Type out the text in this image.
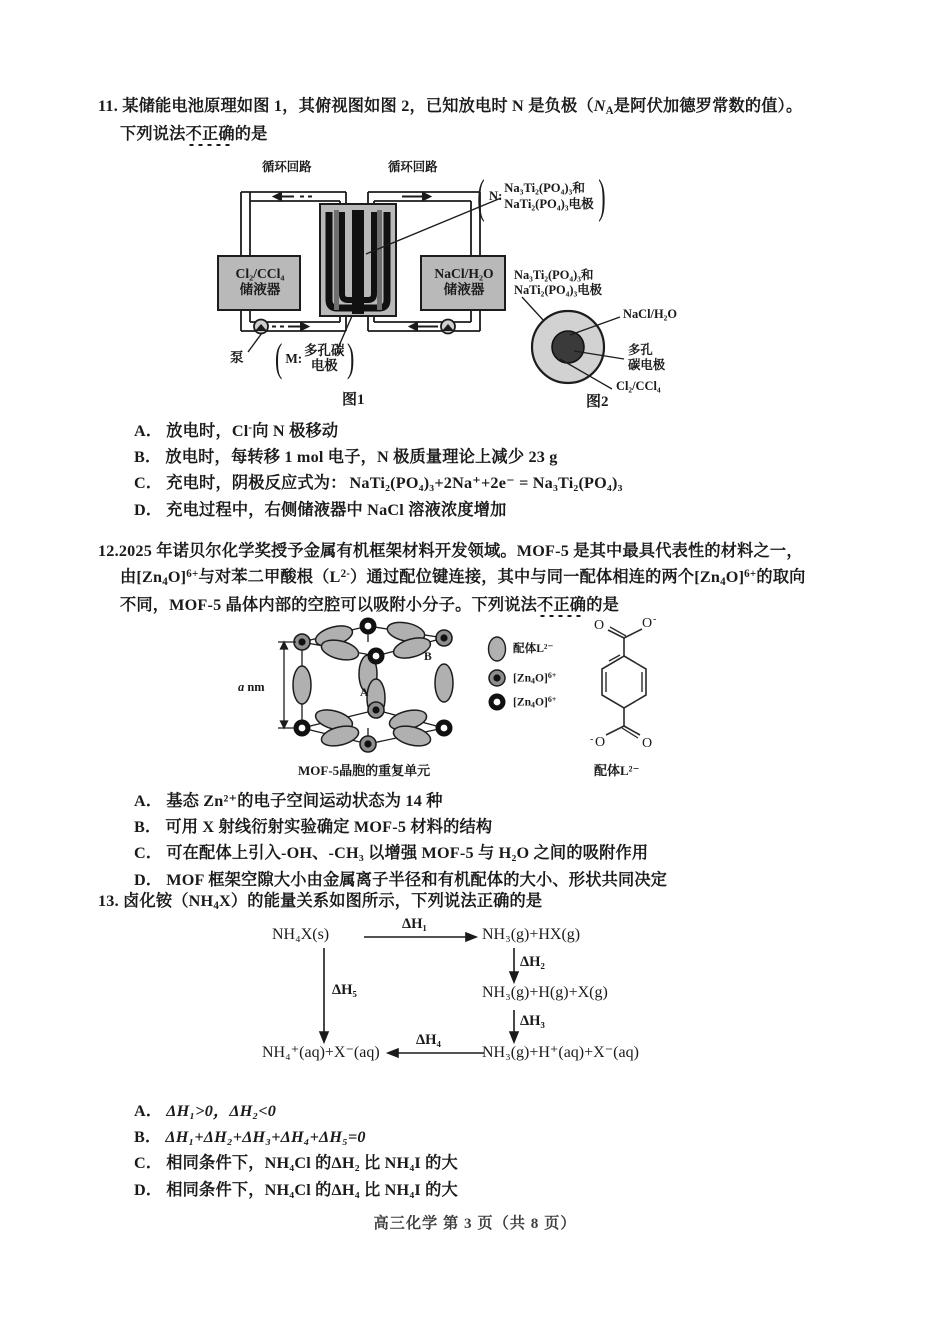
11. 某储能电池原理如图 1，其俯视图如图 2，已知放电时 N 是负极（$N_A$是阿伏加德罗常数的值）。
下列说法不正确的是
循环回路	循环回路
Cl₂/CCl₄
储液器
NaCl/H₂O
储液器
泵 ( M:
多孔碳
电极 )
图1
( N:
Na₃Ti₂(PO₄)₃和
NaTi₂(PO₄)₃电极 )
Na₃Ti₂(PO₄)₃和
NaTi₂(PO₄)₃电极
NaCl/H₂O
多孔
碳电极
Cl₂/CCl₄
图2
A． 放电时，Cl-向 N 极移动
B． 放电时，每转移 1 mol 电子，N 极质量理论上减少 23 g
C． 充电时，阴极反应式为： NaTi₂(PO₄)₃+2Na⁺+2e⁻ = Na₃Ti₂(PO₄)₃
D． 充电过程中，右侧储液器中 NaCl 溶液浓度增加
12.2025 年诺贝尔化学奖授予金属有机框架材料开发领域。MOF-5 是其中最具代表性的材料之一，
由$[Zn_4O]^{6+}$与对苯二甲酸根$(L^{2-})$通过配位键连接，其中与同一配体相连的两个$[Zn_4O]^{6+}$的取向
不同，MOF-5 晶体内部的空腔可以吸附小分子。下列说法不正确的是
a nm	A
B
MOF-5晶胞的重复单元
配体L²⁻
$[Zn_4O]^{6+}$
$[Zn_4O]^{6+}$
O	O -
- O	O
配体L²⁻
A． 基态 Zn²⁺的电子空间运动状态为 14 种
B． 可用 X 射线衍射实验确定 MOF-5 材料的结构
C． 可在配体上引入-OH、-CH₃ 以增强 MOF-5 与 H₂O 之间的吸附作用
D． MOF 框架空隙大小由金属离子半径和有机配体的大小、形状共同决定
13. 卤化铵$(NH_4X)$的能量关系如图所示，下列说法正确的是
NH₄X(s)	NH₃(g)+HX(g)
NH₃(g)+H(g)+X(g)
NH₃(g)+H⁺(aq)+X⁻(aq)
NH₄⁺(aq)+X⁻(aq)
ΔH₁
ΔH₂
ΔH₃
ΔH₄
ΔH₅
A． ΔH₁>0，ΔH₂<0
B． ΔH₁+ΔH₂+ΔH₃+ΔH₄+ΔH₅=0
C． 相同条件下，NH₄Cl 的ΔH₂ 比 NH₄I 的大
D． 相同条件下，NH₄Cl 的ΔH₄ 比 NH₄I 的大
高三化学 第 3 页（共 8 页）
